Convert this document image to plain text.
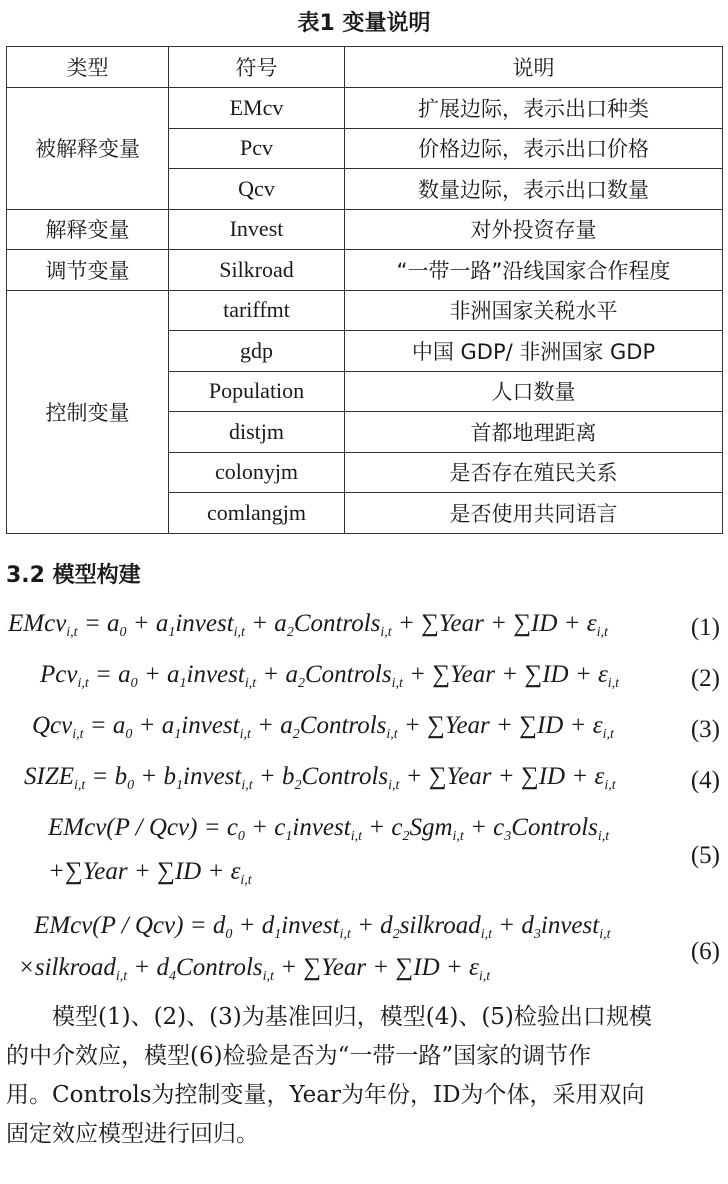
表1 变量说明
类型	符号	说明
被解释变量	EMcv	扩展边际，表示出口种类
	Pcv	价格边际，表示出口价格
	Qcv	数量边际，表示出口数量
解释变量	Invest	对外投资存量
调节变量	Silkroad	“一带一路”沿线国家合作程度
控制变量	tariffmt	非洲国家关税水平
	gdp	中国 GDP/ 非洲国家 GDP
	Population	人口数量
	distjm	首都地理距离
	colonyjm	是否存在殖民关系
	comlangjm	是否使用共同语言
3.2 模型构建
EMcv$_{i,t}$ = $a_0$ + $a_1invest_{i,t}$ + $a_2Controls_{i,t}$ + ∑Year + $\sum ID + \varepsilon_{i,t}$	(1)
$Pcv_{i,t} = a_0$ + $a_1invest_{i,t}$ + $a_2Controls_{i,t}$ + ∑Year + $\sum ID + \varepsilon_{i,t}$	(2)
$Qcv_{i,t} = a_0$ + $a_1invest_{i,t}$ + $a_2Controls_{i,t}$ + ∑Year + $\sum ID + \varepsilon_{i,t}$	(3)
$SIZE_{i,t} = b_0$ + $b_1invest_{i,t}$ + $b_2Controls_{i,t}$ + ∑Year + $\sum ID + \varepsilon_{i,t}$	(4)
EMcv(P / $Qcv) = c_0$ + $c_1invest_{i,t} + c_2Sgm_{i,t}$ + $c_3Controls_{i,t}$
+∑Year + $\sum ID + \varepsilon_{i,t}$
(5)
EMcv(P / $Qcv) = d_0$ + $d_1invest_{i,t}$ + $d_2silkroad_{i,t}$ + $d_3invest_{i,t}$
×silkroad$_{i,t}$ + $d_4Controls_{i,t}$ + ∑Year + $\sum ID + \varepsilon_{i,t}$
(6)
模型(1)、(2)、(3)为基准回归，模型(4)、(5)检验出口规模
的中介效应，模型(6)检验是否为“一带一路”国家的调节作
用。Controls为控制变量，Year为年份，ID为个体，采用双向
固定效应模型进行回归。
